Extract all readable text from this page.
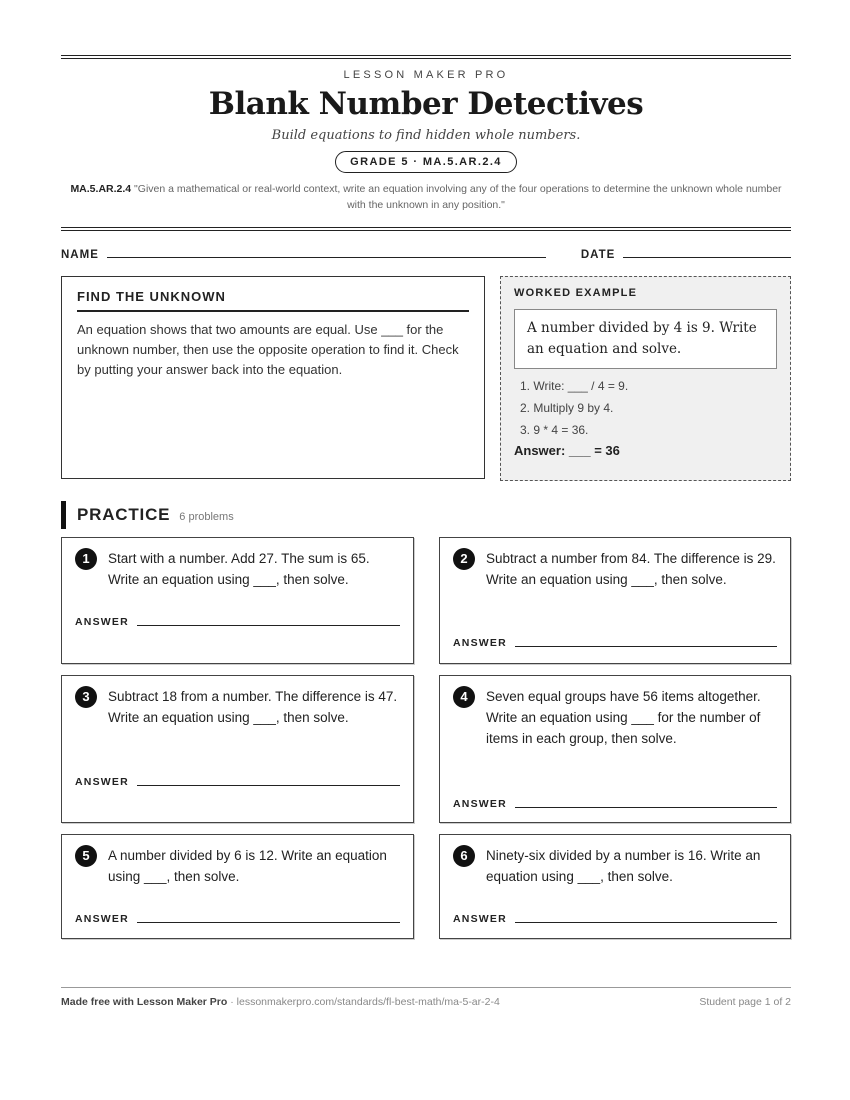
LESSON MAKER PRO
Blank Number Detectives
Build equations to find hidden whole numbers.
GRADE 5 · MA.5.AR.2.4
MA.5.AR.2.4 "Given a mathematical or real-world context, write an equation involving any of the four operations to determine the unknown whole number with the unknown in any position."
NAME	DATE
FIND THE UNKNOWN
An equation shows that two amounts are equal. Use ___ for the unknown number, then use the opposite operation to find it. Check by putting your answer back into the equation.
WORKED EXAMPLE
A number divided by 4 is 9. Write an equation and solve.
1. Write: ___ / 4 = 9.
2. Multiply 9 by 4.
3. 9 * 4 = 36.
Answer: ___ = 36
PRACTICE 6 problems
1	Start with a number. Add 27. The sum is 65. Write an equation using ___, then solve.
ANSWER
2	Subtract a number from 84. The difference is 29. Write an equation using ___, then solve.
ANSWER
3	Subtract 18 from a number. The difference is 47. Write an equation using ___, then solve.
ANSWER
4	Seven equal groups have 56 items altogether. Write an equation using ___ for the number of items in each group, then solve.
ANSWER
5	A number divided by 6 is 12. Write an equation using ___, then solve.
ANSWER
6	Ninety-six divided by a number is 16. Write an equation using ___, then solve.
ANSWER
Made free with Lesson Maker Pro · lessonmakerpro.com/standards/fl-best-math/ma-5-ar-2-4	Student page 1 of 2
